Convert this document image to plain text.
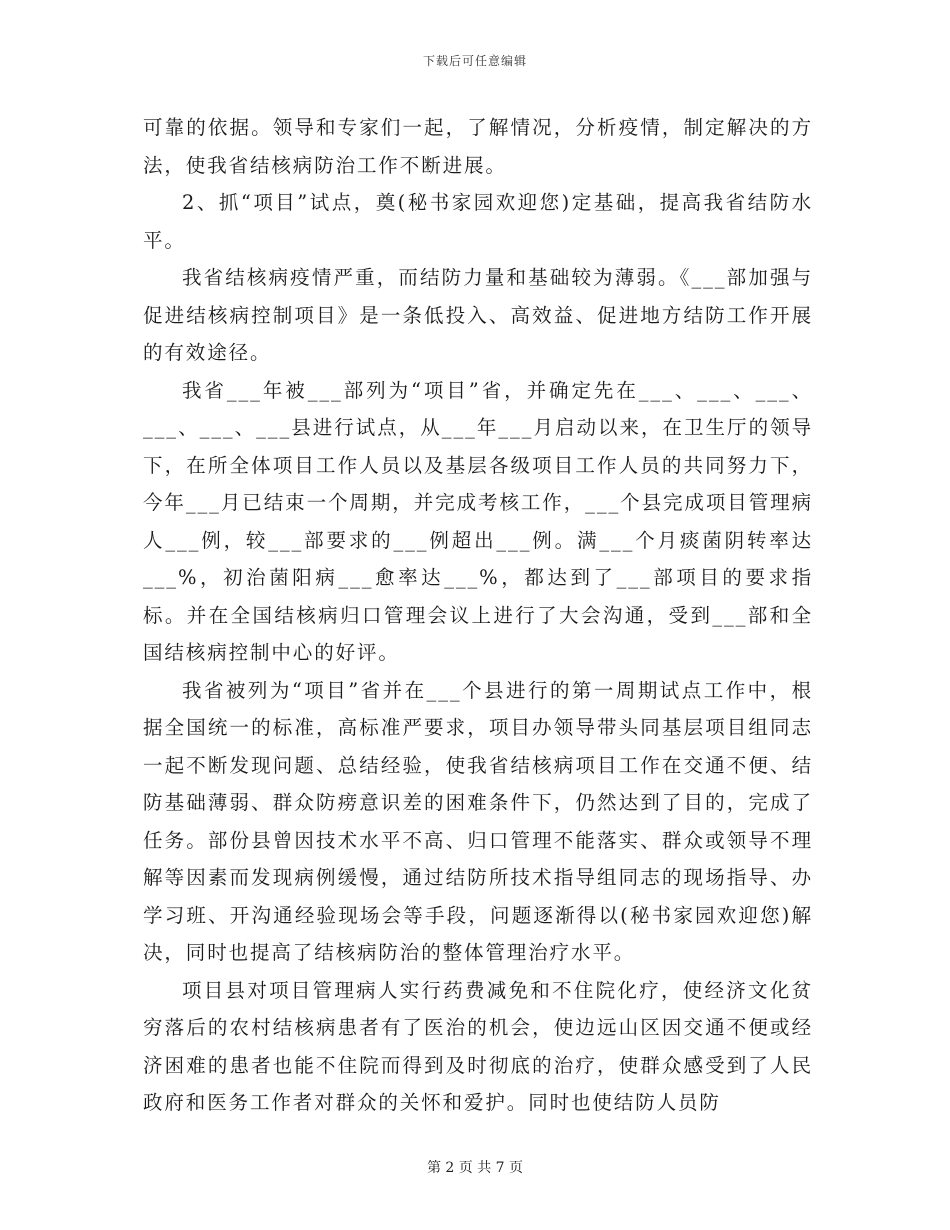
下载后可任意编辑

可靠的依据。领导和专家们一起，了解情况，分析疫情，制定解决的方法，使我省结核病防治工作不断进展。

2、抓“项目”试点，奠(秘书家园欢迎您)定基础，提高我省结防水平。

我省结核病疫情严重，而结防力量和基础较为薄弱。《___部加强与促进结核病控制项目》是一条低投入、高效益、促进地方结防工作开展的有效途径。

我省___年被___部列为“项目”省，并确定先在___、___、___、___、___、___县进行试点，从___年___月启动以来，在卫生厅的领导下，在所全体项目工作人员以及基层各级项目工作人员的共同努力下，今年___月已结束一个周期，并完成考核工作，___个县完成项目管理病人___例，较___部要求的___例超出___例。满___个月痰菌阴转率达___%，初治菌阳病___愈率达___%，都达到了___部项目的要求指标。并在全国结核病归口管理会议上进行了大会沟通，受到___部和全国结核病控制中心的好评。

我省被列为“项目”省并在___个县进行的第一周期试点工作中，根据全国统一的标准，高标准严要求，项目办领导带头同基层项目组同志一起不断发现问题、总结经验，使我省结核病项目工作在交通不便、结防基础薄弱、群众防痨意识差的困难条件下，仍然达到了目的，完成了任务。部份县曾因技术水平不高、归口管理不能落实、群众或领导不理解等因素而发现病例缓慢，通过结防所技术指导组同志的现场指导、办学习班、开沟通经验现场会等手段，问题逐渐得以(秘书家园欢迎您)解决，同时也提高了结核病防治的整体管理治疗水平。

项目县对项目管理病人实行药费减免和不住院化疗，使经济文化贫穷落后的农村结核病患者有了医治的机会，使边远山区因交通不便或经济困难的患者也能不住院而得到及时彻底的治疗，使群众感受到了人民政府和医务工作者对群众的关怀和爱护。同时也使结防人员防

第 2 页 共 7 页
